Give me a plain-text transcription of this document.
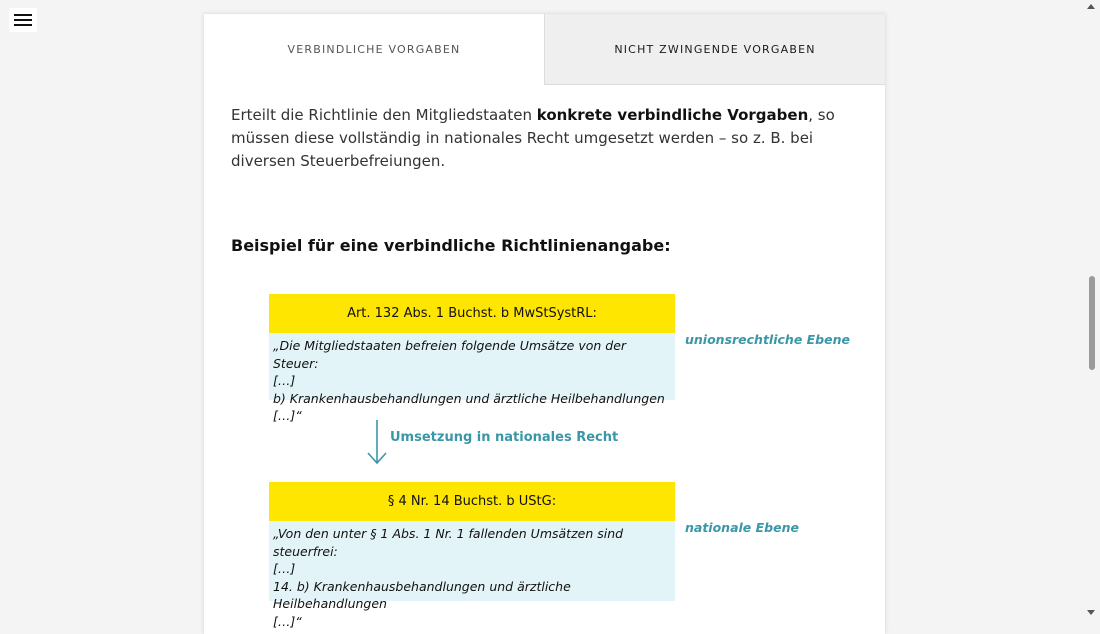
VERBINDLICHE VORGABEN	NICHT ZWINGENDE VORGABEN
Erteilt die Richtlinie den Mitgliedstaaten konkrete verbindliche Vorgaben, so müssen diese vollständig in nationales Recht umgesetzt werden – so z. B. bei diversen Steuerbefreiungen.
Beispiel für eine verbindliche Richtlinienangabe:
Art. 132 Abs. 1 Buchst. b MwStSystRL:
„Die Mitgliedstaaten befreien folgende Umsätze von der Steuer:
[…]
b) Krankenhausbehandlungen und ärztliche Heilbehandlungen […]“
unionsrechtliche Ebene
Umsetzung in nationales Recht
§ 4 Nr. 14 Buchst. b UStG:
„Von den unter § 1 Abs. 1 Nr. 1 fallenden Umsätzen sind steuerfrei:
[…]
14. b) Krankenhausbehandlungen und ärztliche Heilbehandlungen
[…]“
nationale Ebene
